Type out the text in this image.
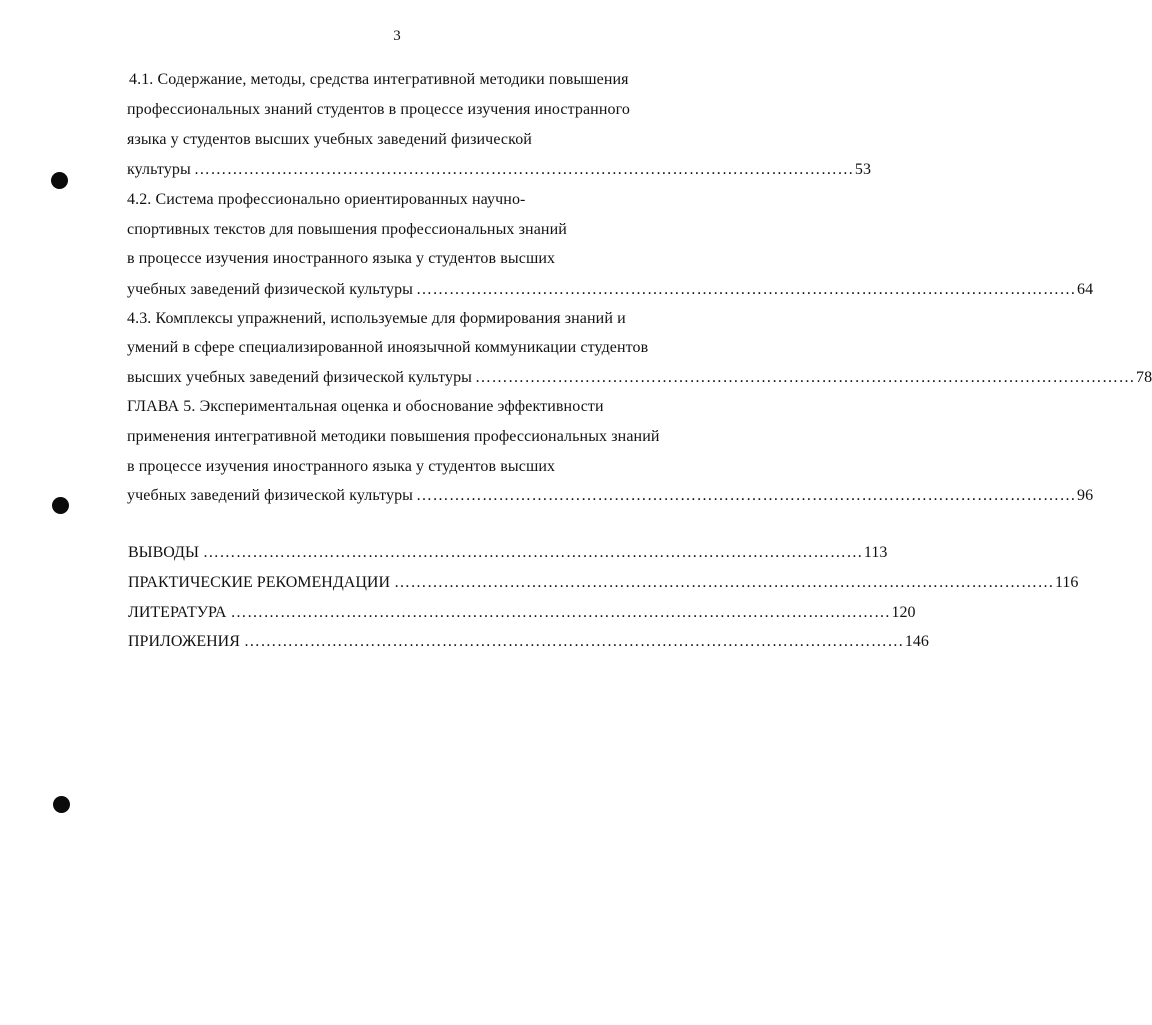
3
4.1. Содержание, методы, средства интегративной методики повышения
профессиональных знаний студентов в процессе изучения иностранного
языка у студентов высших учебных заведений физической
культуры ………………………………………………………………………………………………………… 53
4.2. Система профессионально ориентированных научно-
спортивных текстов для повышения профессиональных знаний
в процессе изучения иностранного языка у студентов высших
учебных заведений физической культуры ………………………………………………………………………………………………………… 64
4.3. Комплексы упражнений, используемые для формирования знаний и
умений в сфере специализированной иноязычной коммуникации студентов
высших учебных заведений физической культуры ………………………………………………………………………………………………………… 78
ГЛАВА 5. Экспериментальная оценка и обоснование эффективности
применения интегративной методики повышения профессиональных знаний
в процессе изучения иностранного языка у студентов высших
учебных заведений физической культуры ………………………………………………………………………………………………………… 96
ВЫВОДЫ ………………………………………………………………………………………………………… 113
ПРАКТИЧЕСКИЕ РЕКОМЕНДАЦИИ ………………………………………………………………………………………………………… 116
ЛИТЕРАТУРА ………………………………………………………………………………………………………… 120
ПРИЛОЖЕНИЯ ………………………………………………………………………………………………………… 146
